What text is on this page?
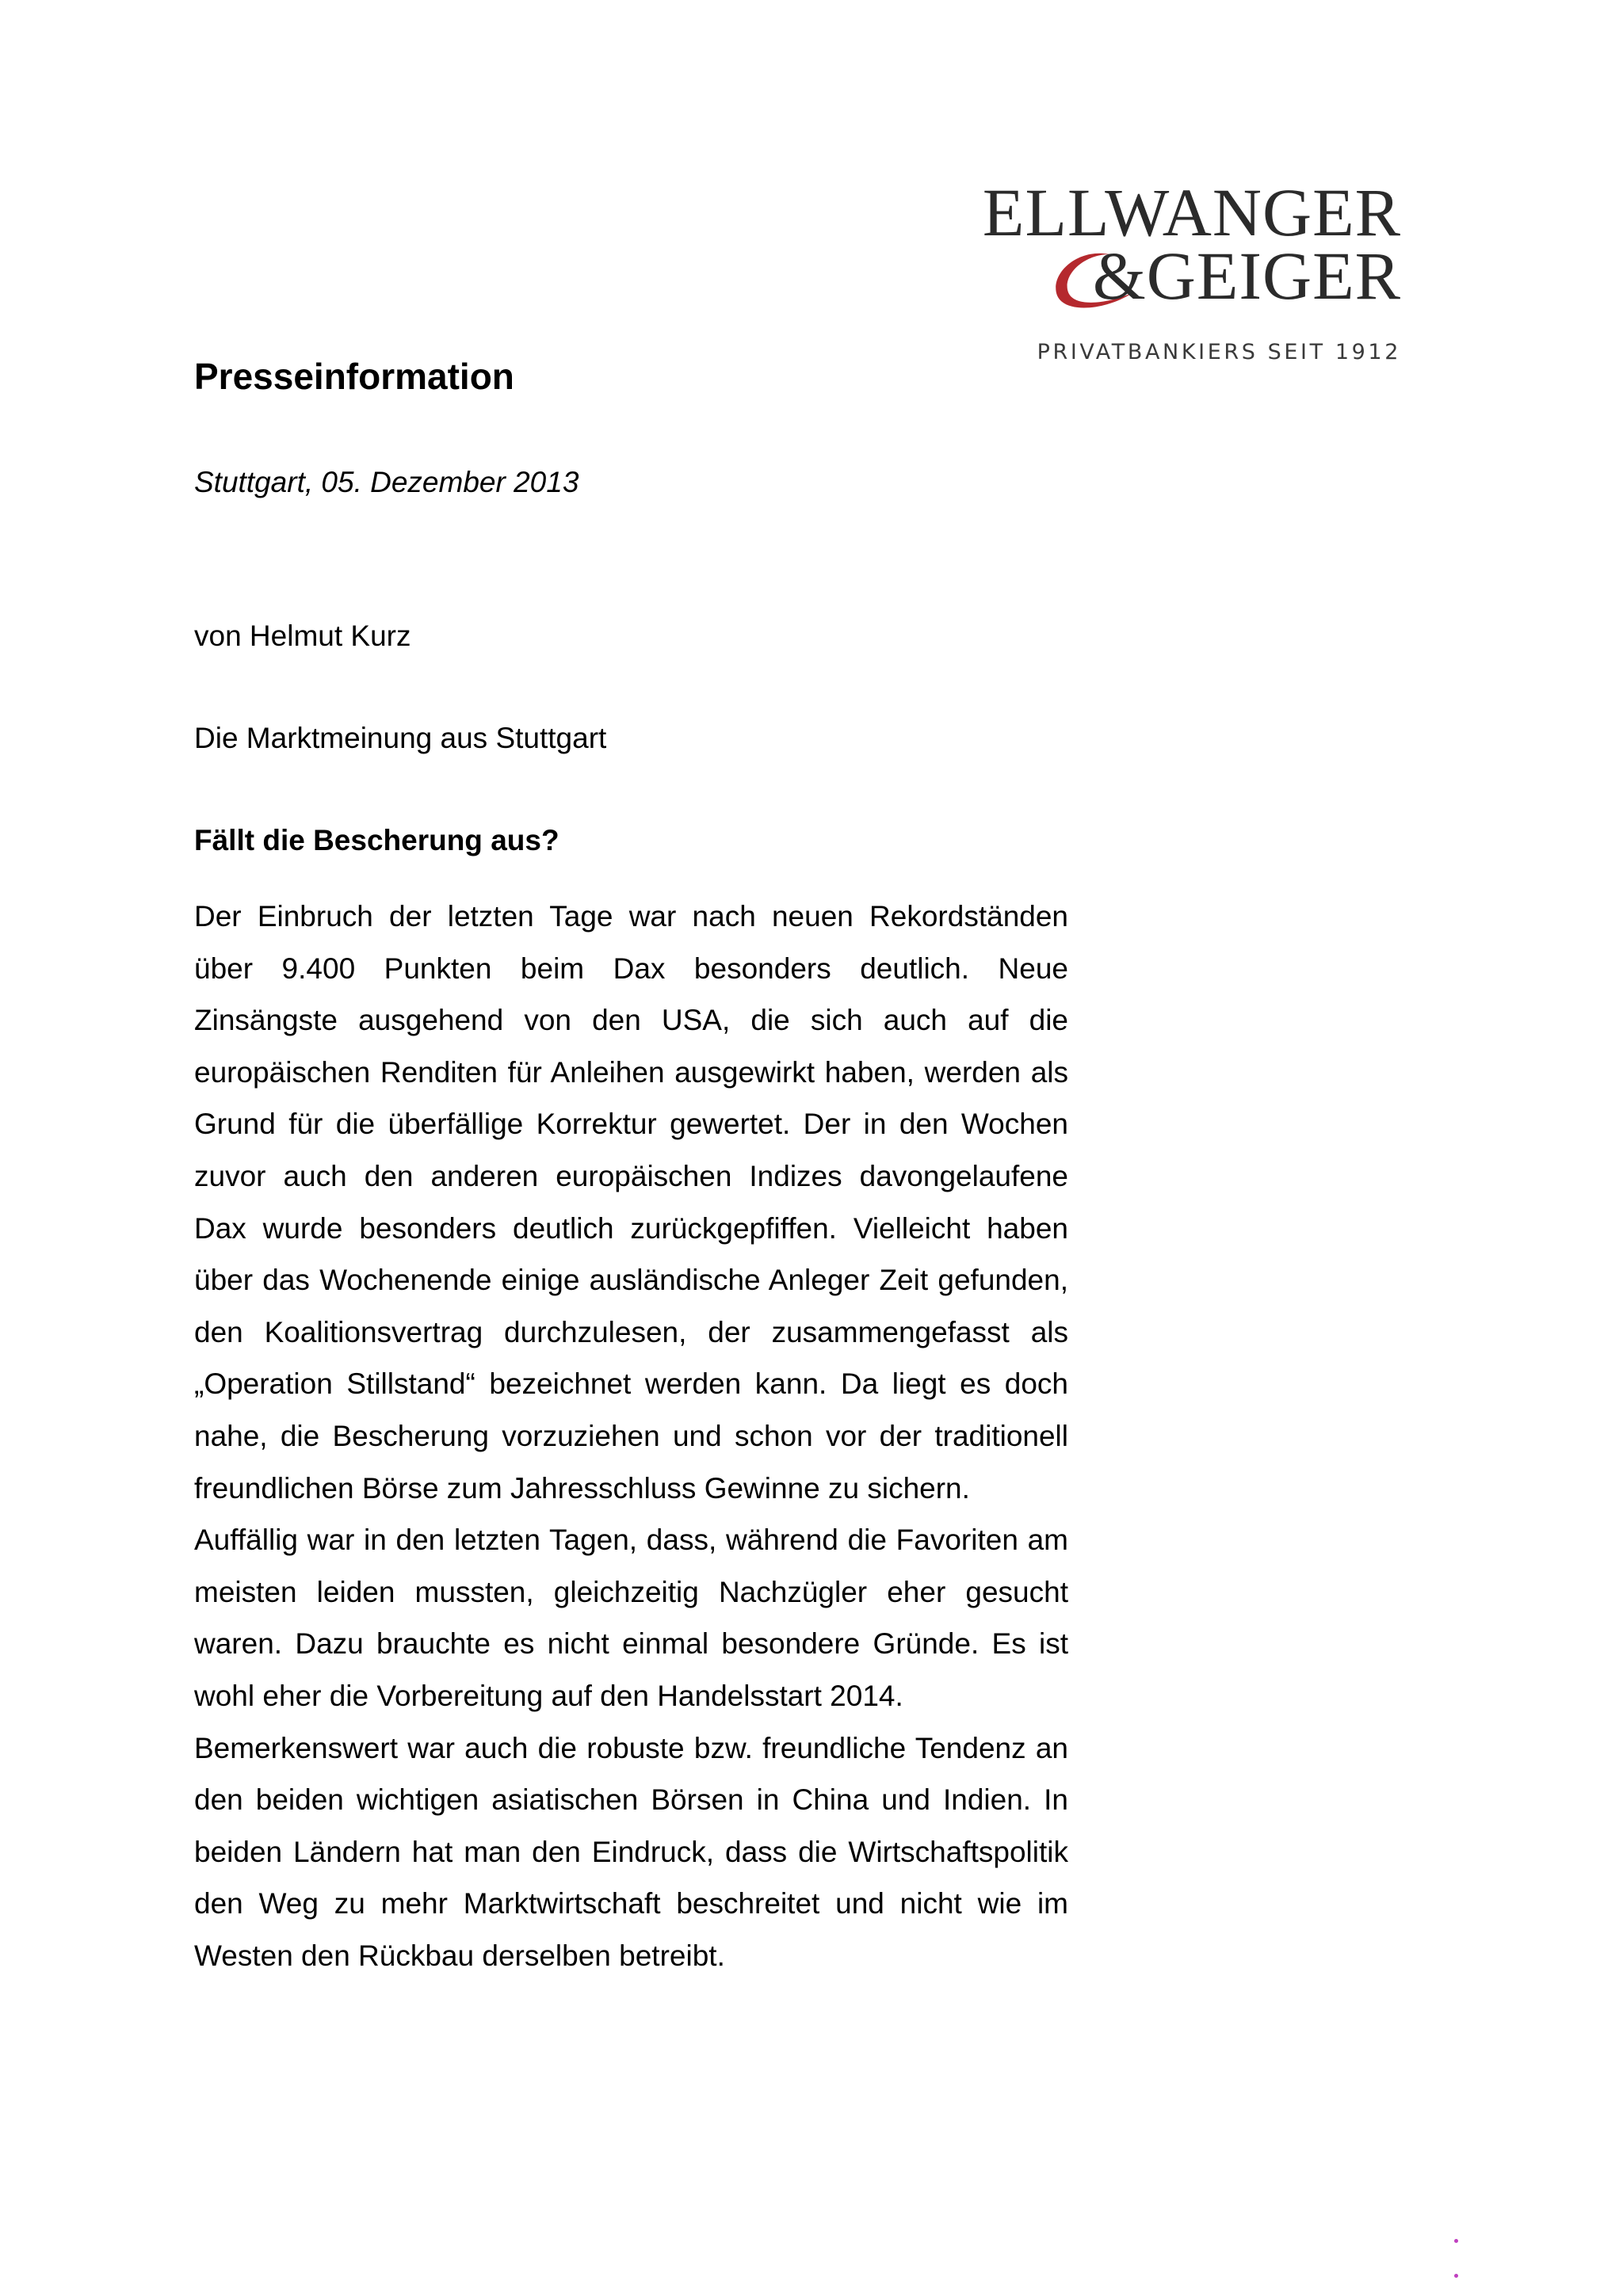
ELLWANGER
&GEIGER
PRIVATBANKIERS SEIT 1912
Presseinformation
Stuttgart, 05. Dezember 2013
von Helmut Kurz
Die Marktmeinung aus Stuttgart
Fällt die Bescherung aus?

Der Einbruch der letzten Tage war nach neuen Rekordständen über 9.400 Punkten beim Dax besonders deutlich. Neue Zinsängste ausgehend von den USA, die sich auch auf die europäischen Renditen für Anleihen ausgewirkt haben, werden als Grund für die überfällige Korrektur gewertet. Der in den Wochen zuvor auch den anderen europäischen Indizes davongelaufene Dax wurde besonders deutlich zurückgepfiffen. Vielleicht haben über das Wochenende einige ausländische Anleger Zeit gefunden, den Koalitionsvertrag durchzulesen, der zusammengefasst als „Operation Stillstand“ bezeichnet werden kann. Da liegt es doch nahe, die Bescherung vorzuziehen und schon vor der traditionell freundlichen Börse zum Jahresschluss Gewinne zu sichern.

Auffällig war in den letzten Tagen, dass, während die Favoriten am meisten leiden mussten, gleichzeitig Nachzügler eher gesucht waren. Dazu brauchte es nicht einmal besondere Gründe. Es ist wohl eher die Vorbereitung auf den Handelsstart 2014.

Bemerkenswert war auch die robuste bzw. freundliche Tendenz an den beiden wichtigen asiatischen Börsen in China und Indien. In beiden Ländern hat man den Eindruck, dass die Wirtschaftspolitik den Weg zu mehr Marktwirtschaft beschreitet und nicht wie im Westen den Rückbau derselben betreibt.
